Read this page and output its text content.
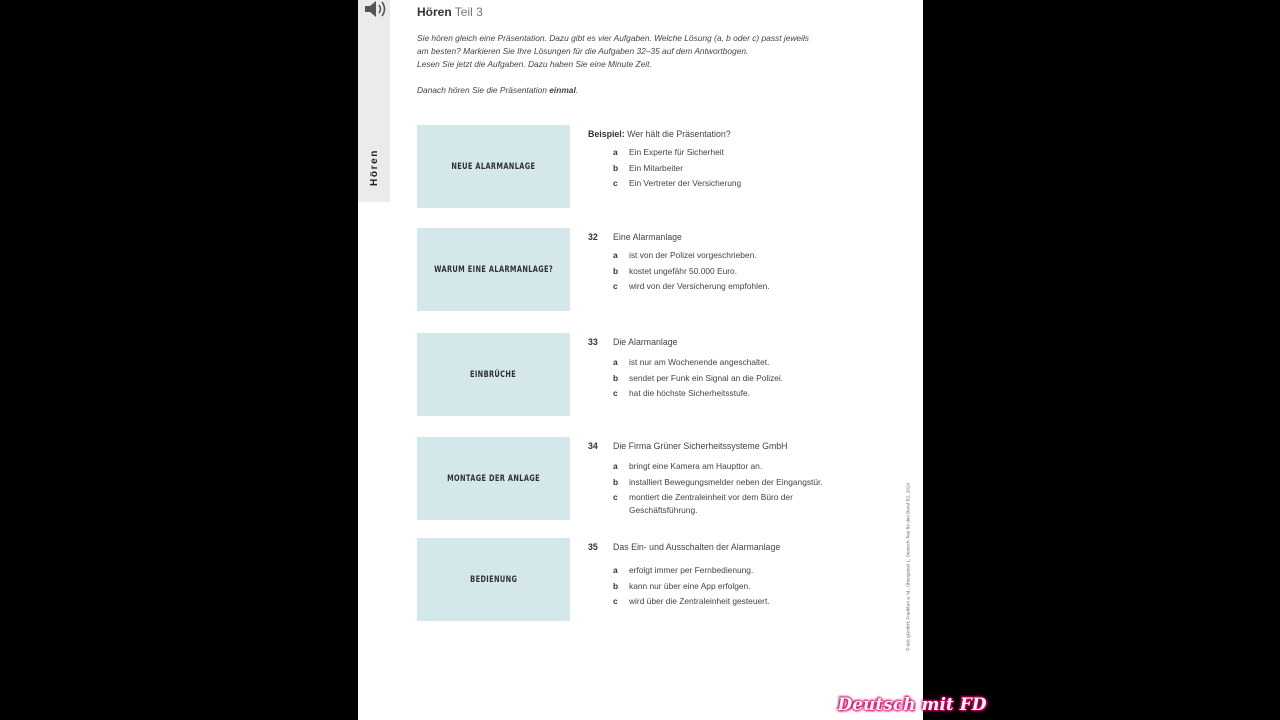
Hören
Hören Teil 3

Sie hören gleich eine Präsentation. Dazu gibt es vier Aufgaben. Welche Lösung (a, b oder c) passt jeweils

am besten? Markieren Sie Ihre Lösungen für die Aufgaben 32–35 auf dem Antwortbogen.

Lesen Sie jetzt die Aufgaben. Dazu haben Sie eine Minute Zeit.

Danach hören Sie die Präsentation einmal.

NEUE ALARMANLAGE
Beispiel: Wer hält die Präsentation?
a	Ein Experte für Sicherheit
b	Ein Mitarbeiter
c	Ein Vertreter der Versicherung
WARUM EINE ALARMANLAGE?
32 Eine Alarmanlage
a	ist von der Polizei vorgeschrieben.
b	kostet ungefähr 50.000 Euro.
c	wird von der Versicherung empfohlen.
EINBRÜCHE
33 Die Alarmanlage
a	ist nur am Wochenende angeschaltet.
b	sendet per Funk ein Signal an die Polizei.
c	hat die höchste Sicherheitsstufe.
MONTAGE DER ANLAGE
34 Die Firma Grüner Sicherheitssysteme GmbH
a	bringt eine Kamera am Haupttor an.
b	installiert Bewegungsmelder neben der Eingangstür.
c	montiert die Zentraleinheit vor dem Büro der Geschäftsführung.
BEDIENUNG
35 Das Ein- und Ausschalten der Alarmanlage
a	erfolgt immer per Fernbedienung.
b	kann nur über eine App erfolgen.
c	wird über die Zentraleinheit gesteuert.	© telc gGmbH, Frankfurt a. M., Übungstest 1, Deutsch-Test für den Beruf B2, 2019
Deutsch mit FD
